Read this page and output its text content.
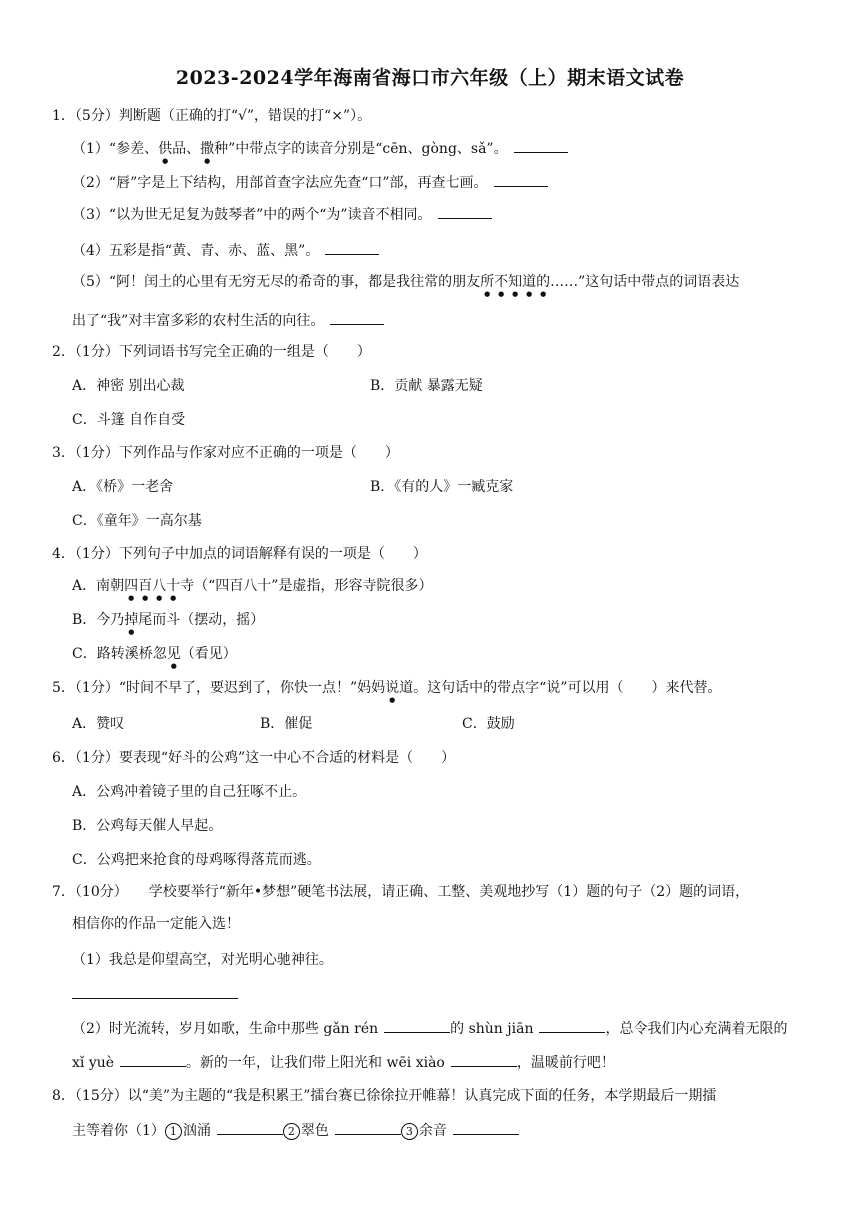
2023-2024学年海南省海口市六年级（上）期末语文试卷
1．（5分）判断题（正确的打“√”，错误的打“×”）。
（1）“参差、供品、撒种”中带点字的读音分别是“cēn、gòng、sǎ”。
（2）“唇”字是上下结构，用部首查字法应先查“口”部，再查七画。
（3）“以为世无足复为鼓琴者”中的两个“为”读音不相同。
（4）五彩是指“黄、青、赤、蓝、黑”。
（5）“阿！闰土的心里有无穷无尽的希奇的事，都是我往常的朋友所不知道的……”这句话中带点的词语表达
出了“我”对丰富多彩的农村生活的向往。
2．（1分）下列词语书写完全正确的一组是（　　）
A．神密 别出心裁	B．贡献 暴露无疑
C．斗篷 自作自受
3．（1分）下列作品与作家对应不正确的一项是（　　）
A．《桥》一老舍	B．《有的人》一臧克家
C．《童年》一高尔基
4．（1分）下列句子中加点的词语解释有误的一项是（　　）
A．南朝四百八十寺（“四百八十”是虚指，形容寺院很多）
B．今乃掉尾而斗（摆动，摇）
C．路转溪桥忽见（看见）
5．（1分）“时间不早了，要迟到了，你快一点！”妈妈说道。这句话中的带点字“说”可以用（　　）来代替。
A．赞叹	B．催促	C．鼓励
6．（1分）要表现“好斗的公鸡”这一中心不合适的材料是（　　）
A．公鸡冲着镜子里的自己狂啄不止。
B．公鸡每天催人早起。
C．公鸡把来抢食的母鸡啄得落荒而逃。
7．（10分）　　学校要举行“新年•梦想”硬笔书法展，请正确、工整、美观地抄写（1）题的句子（2）题的词语，
相信你的作品一定能入选！
（1）我总是仰望高空，对光明心驰神往。
（2）时光流转，岁月如歌，生命中那些 gǎn rén	的 shùn jiān	，总令我们内心充满着无限的
xǐ yuè	。新的一年，让我们带上阳光和 wēi xiào	，温暖前行吧！
8．（15分）以“美”为主题的“我是积累王”擂台赛已徐徐拉开帷幕！认真完成下面的任务，本学期最后一期擂
主等着你（1） 1 汹涌	2 翠色	3 余音
